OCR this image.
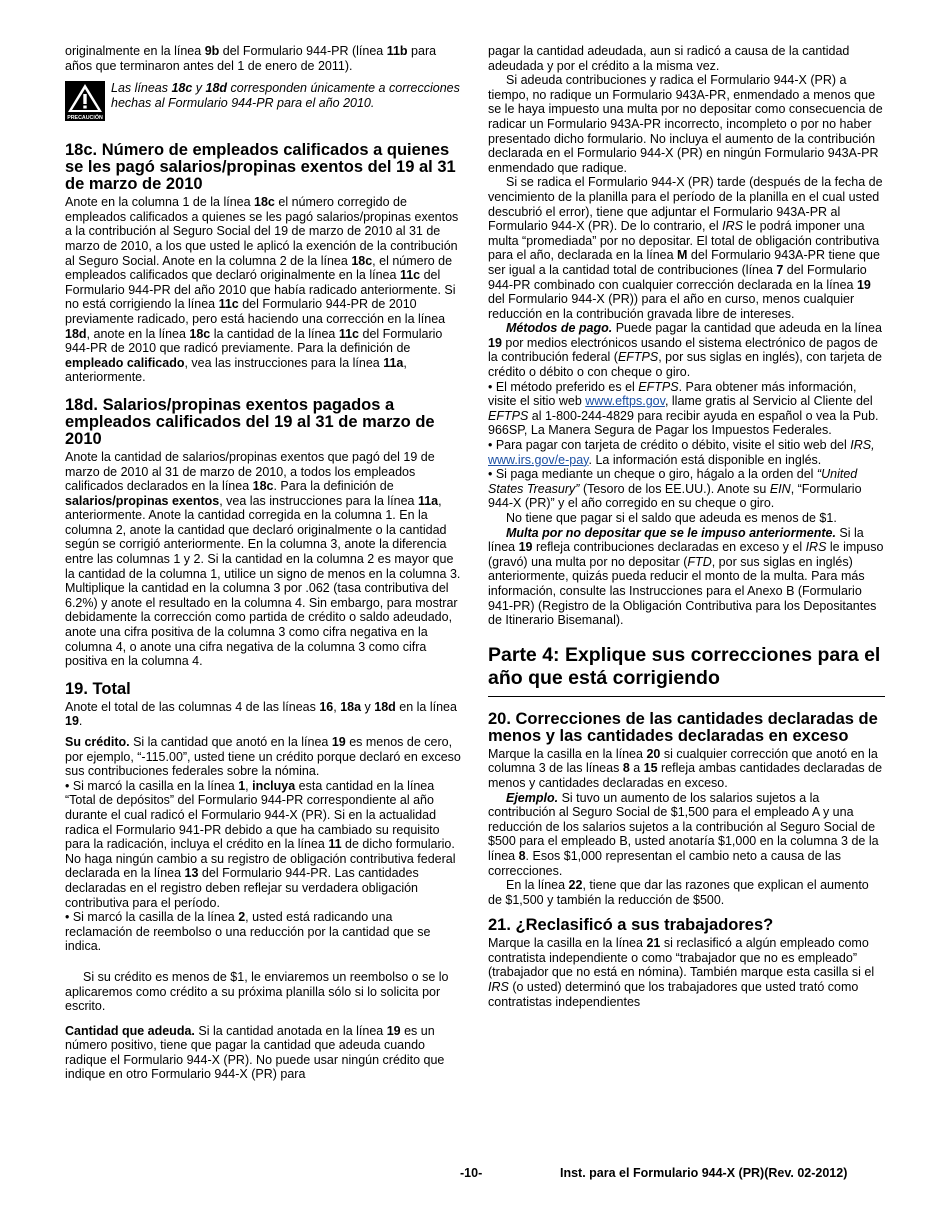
originalmente en la línea 9b del Formulario 944-PR (línea 11b para años que terminaron antes del 1 de enero de 2011).

PRECAUCIÓN

Las líneas 18c y 18d corresponden únicamente a correcciones hechas al Formulario 944-PR para el año 2010.

18c. Número de empleados calificados a quienes se les pagó salarios/propinas exentos del 19 al 31 de marzo de 2010

Anote en la columna 1 de la línea 18c el número corregido de empleados calificados a quienes se les pagó salarios/propinas exentos a la contribución al Seguro Social del 19 de marzo de 2010 al 31 de marzo de 2010, a los que usted le aplicó la exención de la contribución al Seguro Social. Anote en la columna 2 de la línea 18c, el número de empleados calificados que declaró originalmente en la línea 11c del Formulario 944-PR del año 2010 que había radicado anteriormente. Si no está corrigiendo la línea 11c del Formulario 944-PR de 2010 previamente radicado, pero está haciendo una corrección en la línea 18d, anote en la línea 18c la cantidad de la línea 11c del Formulario 944-PR de 2010 que radicó previamente. Para la definición de empleado calificado, vea las instrucciones para la línea 11a, anteriormente.

18d. Salarios/propinas exentos pagados a empleados calificados del 19 al 31 de marzo de 2010

Anote la cantidad de salarios/propinas exentos que pagó del 19 de marzo de 2010 al 31 de marzo de 2010, a todos los empleados calificados declarados en la línea 18c. Para la definición de salarios/propinas exentos, vea las instrucciones para la línea 11a, anteriormente. Anote la cantidad corregida en la columna 1. En la columna 2, anote la cantidad que declaró originalmente o la cantidad según se corrigió anteriormente. En la columna 3, anote la diferencia entre las columnas 1 y 2. Si la cantidad en la columna 2 es mayor que la cantidad de la columna 1, utilice un signo de menos en la columna 3. Multiplique la cantidad en la columna 3 por .062 (tasa contributiva del 6.2%) y anote el resultado en la columna 4. Sin embargo, para mostrar debidamente la corrección como partida de crédito o saldo adeudado, anote una cifra positiva de la columna 3 como cifra negativa en la columna 4, o anote una cifra negativa de la columna 3 como cifra positiva en la columna 4.

19. Total

Anote el total de las columnas 4 de las líneas 16, 18a y 18d en la línea 19.

Su crédito. Si la cantidad que anotó en la línea 19 es menos de cero, por ejemplo, “-115.00”, usted tiene un crédito porque declaró en exceso sus contribuciones federales sobre la nómina.

• Si marcó la casilla en la línea 1, incluya esta cantidad en la línea “Total de depósitos” del Formulario 944-PR correspondiente al año durante el cual radicó el Formulario 944-X (PR). Si en la actualidad radica el Formulario 941-PR debido a que ha cambiado su requisito para la radicación, incluya el crédito en la línea 11 de dicho formulario. No haga ningún cambio a su registro de obligación contributiva federal declarada en la línea 13 del Formulario 944-PR. Las cantidades declaradas en el registro deben reflejar su verdadera obligación contributiva para el período.

• Si marcó la casilla de la línea 2, usted está radicando una reclamación de reembolso o una reducción por la cantidad que se indica.

Si su crédito es menos de $1, le enviaremos un reembolso o se lo aplicaremos como crédito a su próxima planilla sólo si lo solicita por escrito.

Cantidad que adeuda. Si la cantidad anotada en la línea 19 es un número positivo, tiene que pagar la cantidad que adeuda cuando radique el Formulario 944-X (PR). No puede usar ningún crédito que indique en otro Formulario 944-X (PR) para

pagar la cantidad adeudada, aun si radicó a causa de la cantidad adeudada y por el crédito a la misma vez.

Si adeuda contribuciones y radica el Formulario 944-X (PR) a tiempo, no radique un Formulario 943A-PR, enmendado a menos que se le haya impuesto una multa por no depositar como consecuencia de radicar un Formulario 943A-PR incorrecto, incompleto o por no haber presentado dicho formulario. No incluya el aumento de la contribución declarada en el Formulario 944-X (PR) en ningún Formulario 943A-PR enmendado que radique.

Si se radica el Formulario 944-X (PR) tarde (después de la fecha de vencimiento de la planilla para el período de la planilla en el cual usted descubrió el error), tiene que adjuntar el Formulario 943A-PR al Formulario 944-X (PR). De lo contrario, el IRS le podrá imponer una multa “promediada” por no depositar. El total de obligación contributiva para el año, declarada en la línea M del Formulario 943A-PR tiene que ser igual a la cantidad total de contribuciones (línea 7 del Formulario 944-PR combinado con cualquier corrección declarada en la línea 19 del Formulario 944-X (PR)) para el año en curso, menos cualquier reducción en la contribución gravada libre de intereses.

Métodos de pago. Puede pagar la cantidad que adeuda en la línea 19 por medios electrónicos usando el sistema electrónico de pagos de la contribución federal (EFTPS, por sus siglas en inglés), con tarjeta de crédito o débito o con cheque o giro.

• El método preferido es el EFTPS. Para obtener más información, visite el sitio web www.eftps.gov, llame gratis al Servicio al Cliente del EFTPS al 1-800-244-4829 para recibir ayuda en español o vea la Pub. 966SP, La Manera Segura de Pagar los Impuestos Federales.

• Para pagar con tarjeta de crédito o débito, visite el sitio web del IRS, www.irs.gov/e-pay. La información está disponible en inglés.

• Si paga mediante un cheque o giro, hágalo a la orden del “United States Treasury” (Tesoro de los EE.UU.). Anote su EIN, “Formulario 944-X (PR)” y el año corregido en su cheque o giro.

No tiene que pagar si el saldo que adeuda es menos de $1.

Multa por no depositar que se le impuso anteriormente. Si la línea 19 refleja contribuciones declaradas en exceso y el IRS le impuso (gravó) una multa por no depositar (FTD, por sus siglas en inglés) anteriormente, quizás pueda reducir el monto de la multa. Para más información, consulte las Instrucciones para el Anexo B (Formulario 941-PR) (Registro de la Obligación Contributiva para los Depositantes de Itinerario Bisemanal).

Parte 4: Explique sus correcciones para el año que está corrigiendo
20. Correcciones de las cantidades declaradas de menos y las cantidades declaradas en exceso

Marque la casilla en la línea 20 si cualquier corrección que anotó en la columna 3 de las líneas 8 a 15 refleja ambas cantidades declaradas de menos y cantidades declaradas en exceso.

Ejemplo. Si tuvo un aumento de los salarios sujetos a la contribución al Seguro Social de $1,500 para el empleado A y una reducción de los salarios sujetos a la contribución al Seguro Social de $500 para el empleado B, usted anotaría $1,000 en la columna 3 de la línea 8. Esos $1,000 representan el cambio neto a causa de las correcciones.

En la línea 22, tiene que dar las razones que explican el aumento de $1,500 y también la reducción de $500.

21. ¿Reclasificó a sus trabajadores?

Marque la casilla en la línea 21 si reclasificó a algún empleado como contratista independiente o como “trabajador que no es empleado” (trabajador que no está en nómina). También marque esta casilla si el IRS (o usted) determinó que los trabajadores que usted trató como contratistas independientes

-10-	Inst. para el Formulario 944-X (PR)(Rev. 02-2012)
